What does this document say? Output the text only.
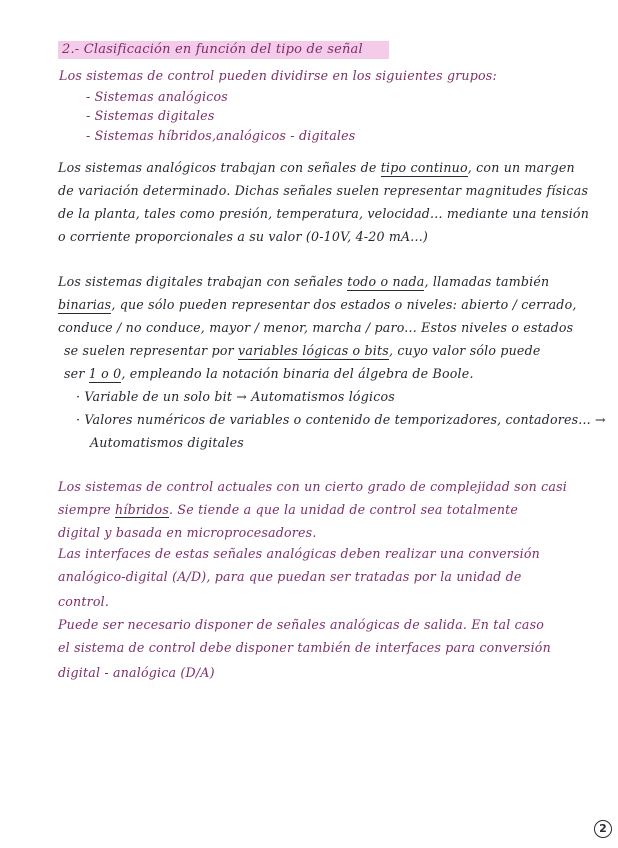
2.- Clasificación en función del tipo de señal

Los sistemas de control pueden dividirse en los siguientes grupos:

- Sistemas analógicos

- Sistemas digitales

- Sistemas híbridos,analógicos - digitales

Los sistemas analógicos trabajan con señales de tipo continuo, con un margen

de variación determinado. Dichas señales suelen representar magnitudes físicas

de la planta, tales como presión, temperatura, velocidad... mediante una tensión

o corriente proporcionales a su valor (0-10V, 4-20 mA...)

Los sistemas digitales trabajan con señales todo o nada, llamadas también

binarias, que sólo pueden representar dos estados o niveles: abierto / cerrado,

conduce / no conduce, mayor / menor, marcha / paro... Estos niveles o estados

se suelen representar por variables lógicas o bits, cuyo valor sólo puede

ser 1 o 0, empleando la notación binaria del álgebra de Boole.

· Variable de un solo bit → Automatismos lógicos

· Valores numéricos de variables o contenido de temporizadores, contadores... →

Automatismos digitales

Los sistemas de control actuales con un cierto grado de complejidad son casi

siempre híbridos. Se tiende a que la unidad de control sea totalmente

digital y basada en microprocesadores.

Las interfaces de estas señales analógicas deben realizar una conversión

analógico-digital (A/D), para que puedan ser tratadas por la unidad de

control.

Puede ser necesario disponer de señales analógicas de salida. En tal caso

el sistema de control debe disponer también de interfaces para conversión

digital - analógica (D/A)

2
